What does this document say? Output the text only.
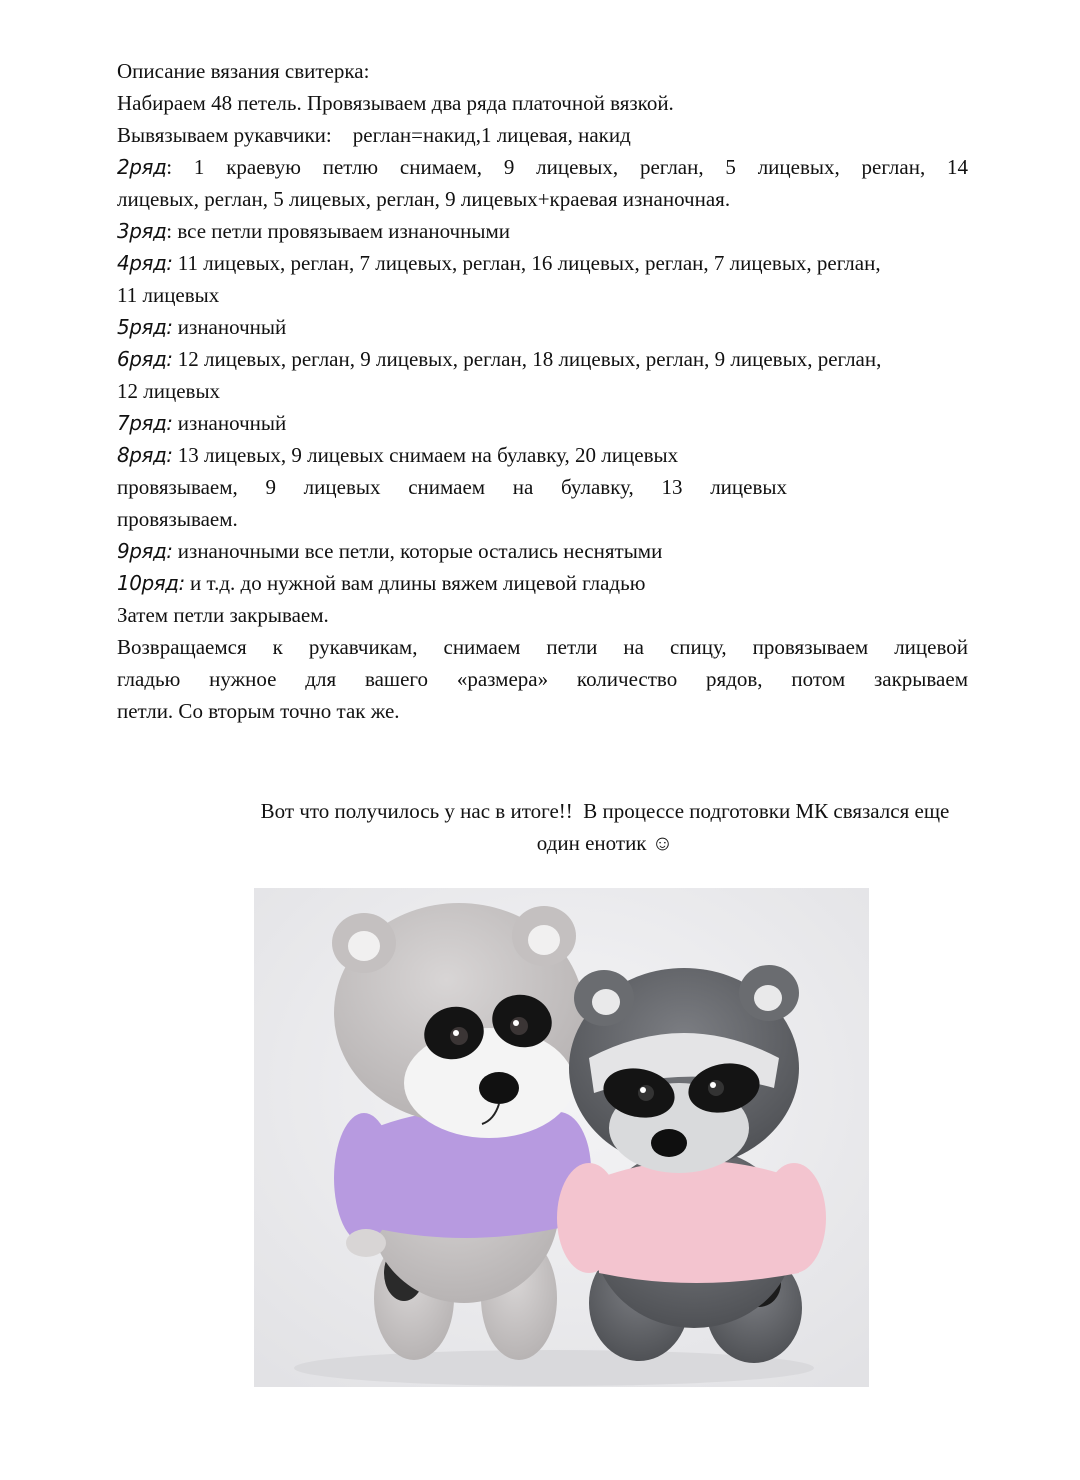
Описание вязания свитерка:
Набираем 48 петель. Провязываем два ряда платочной вязкой.
Вывязываем рукавчики:    реглан=накид,1 лицевая, накид
2ряд: 1 краевую петлю снимаем, 9 лицевых, реглан, 5 лицевых, реглан, 14
лицевых, реглан, 5 лицевых, реглан, 9 лицевых+краевая изнаночная.
3ряд: все петли провязываем изнаночными
4ряд: 11 лицевых, реглан, 7 лицевых, реглан, 16 лицевых, реглан, 7 лицевых, реглан,
11 лицевых
5ряд: изнаночный
6ряд: 12 лицевых, реглан, 9 лицевых, реглан, 18 лицевых, реглан, 9 лицевых, реглан,
12 лицевых
7ряд: изнаночный
8ряд: 13 лицевых, 9 лицевых снимаем на булавку, 20 лицевых
провязываем, 9 лицевых снимаем на булавку, 13 лицевых
провязываем.
9ряд: изнаночными все петли, которые остались неснятыми
10ряд: и т.д. до нужной вам длины вяжем лицевой гладью
Затем петли закрываем.
Возвращаемся к рукавчикам, снимаем петли на спицу, провязываем лицевой
гладью нужное для вашего «размера» количество рядов, потом закрываем
петли. Со вторым точно так же.
Вот что получилось у нас в итоге!!  В процессе подготовки МК связался еще
один енотик ☺
